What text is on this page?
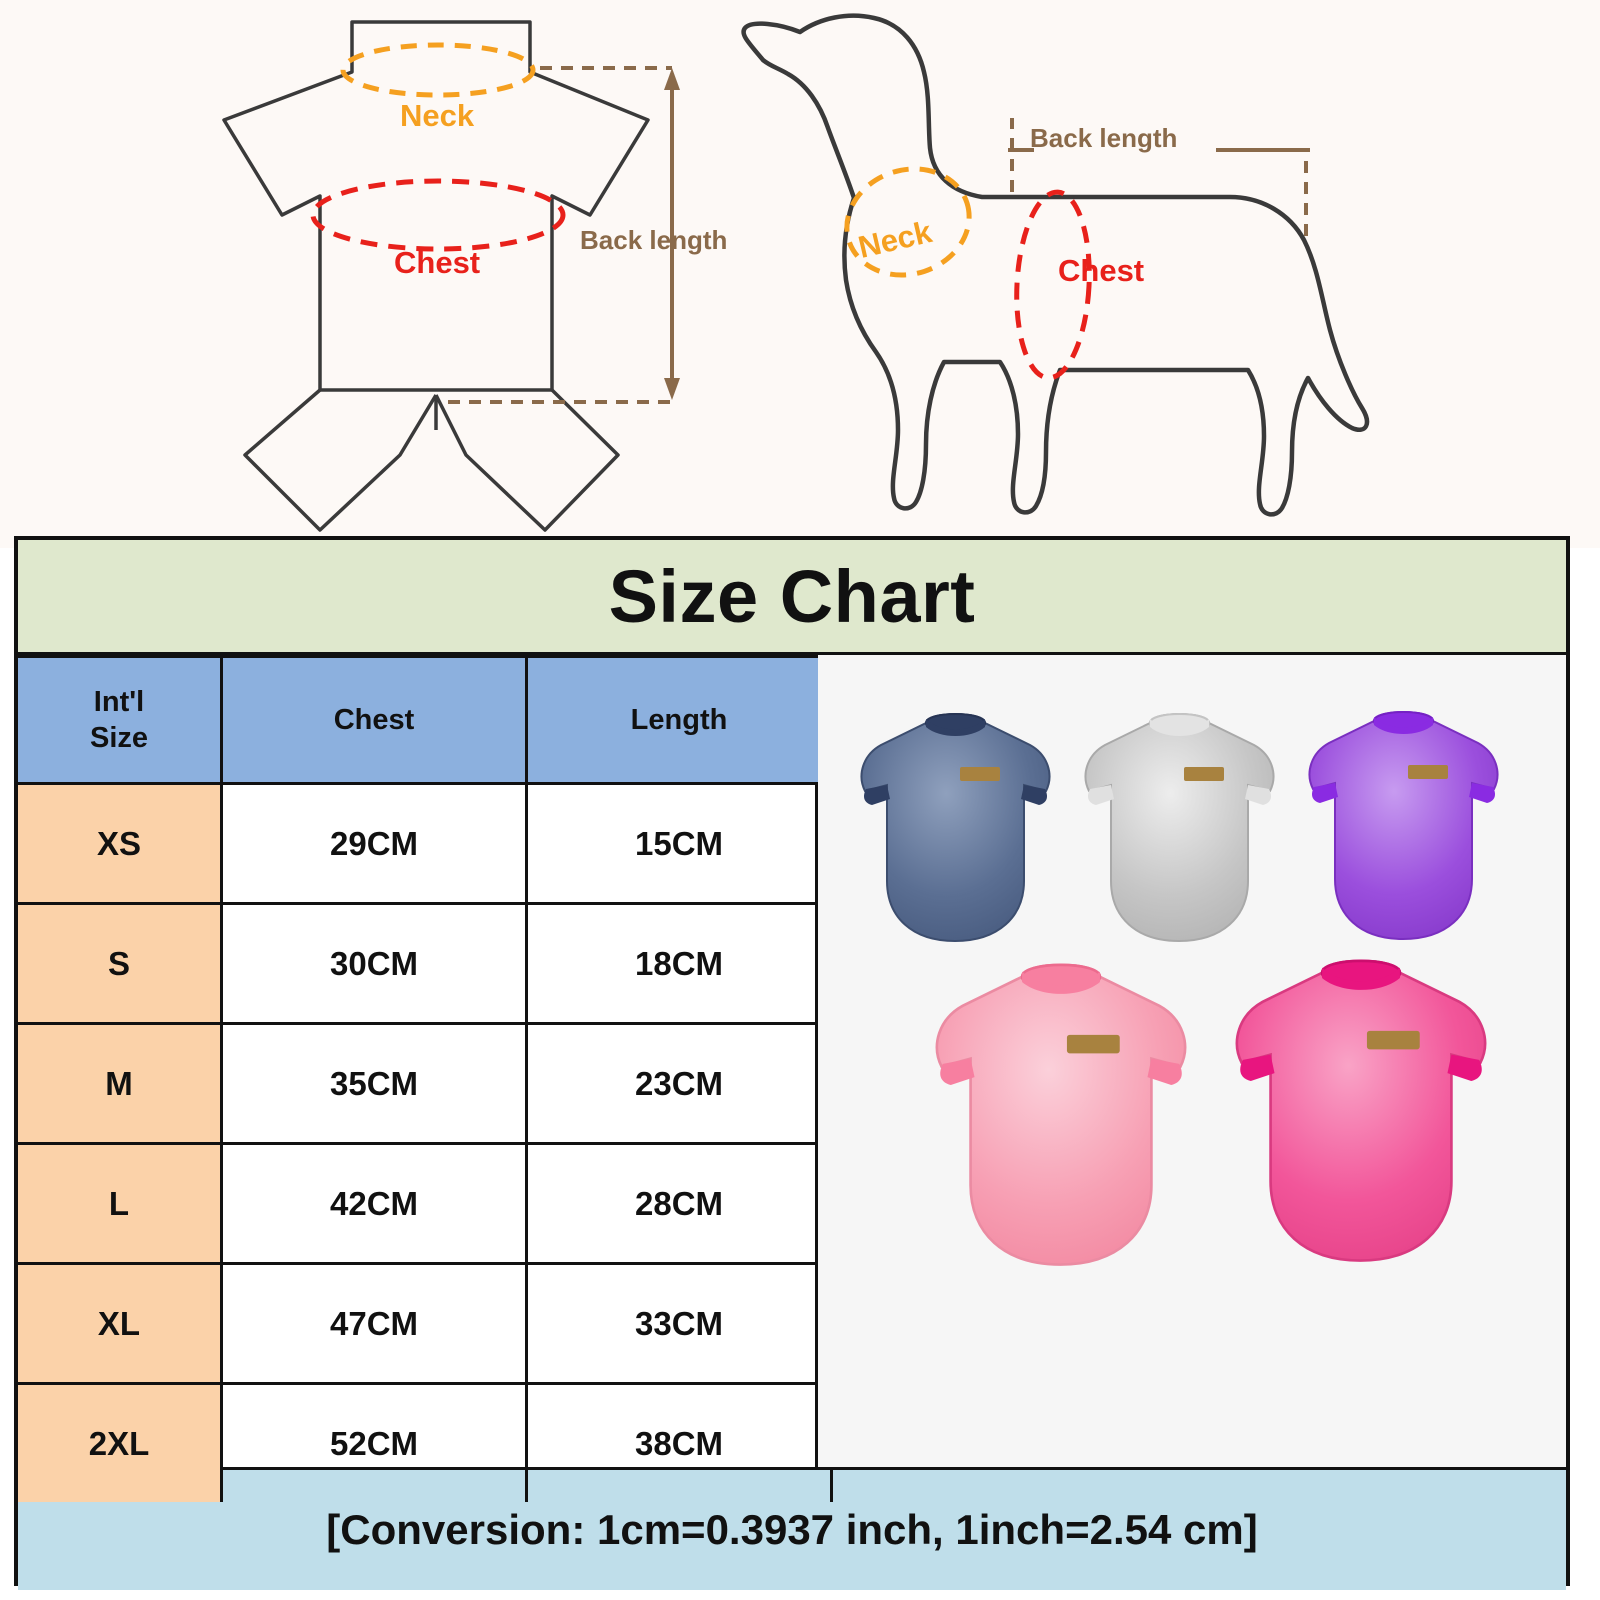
Neck
Chest
Back length	Neck
Chest
Back length
Size Chart
Int'l
Size	Chest	Length
XS	29CM	15CM
S	30CM	18CM
M	35CM	23CM
L	42CM	28CM
XL	47CM	33CM
2XL	52CM	38CM
[Conversion: 1cm=0.3937 inch, 1inch=2.54 cm]
